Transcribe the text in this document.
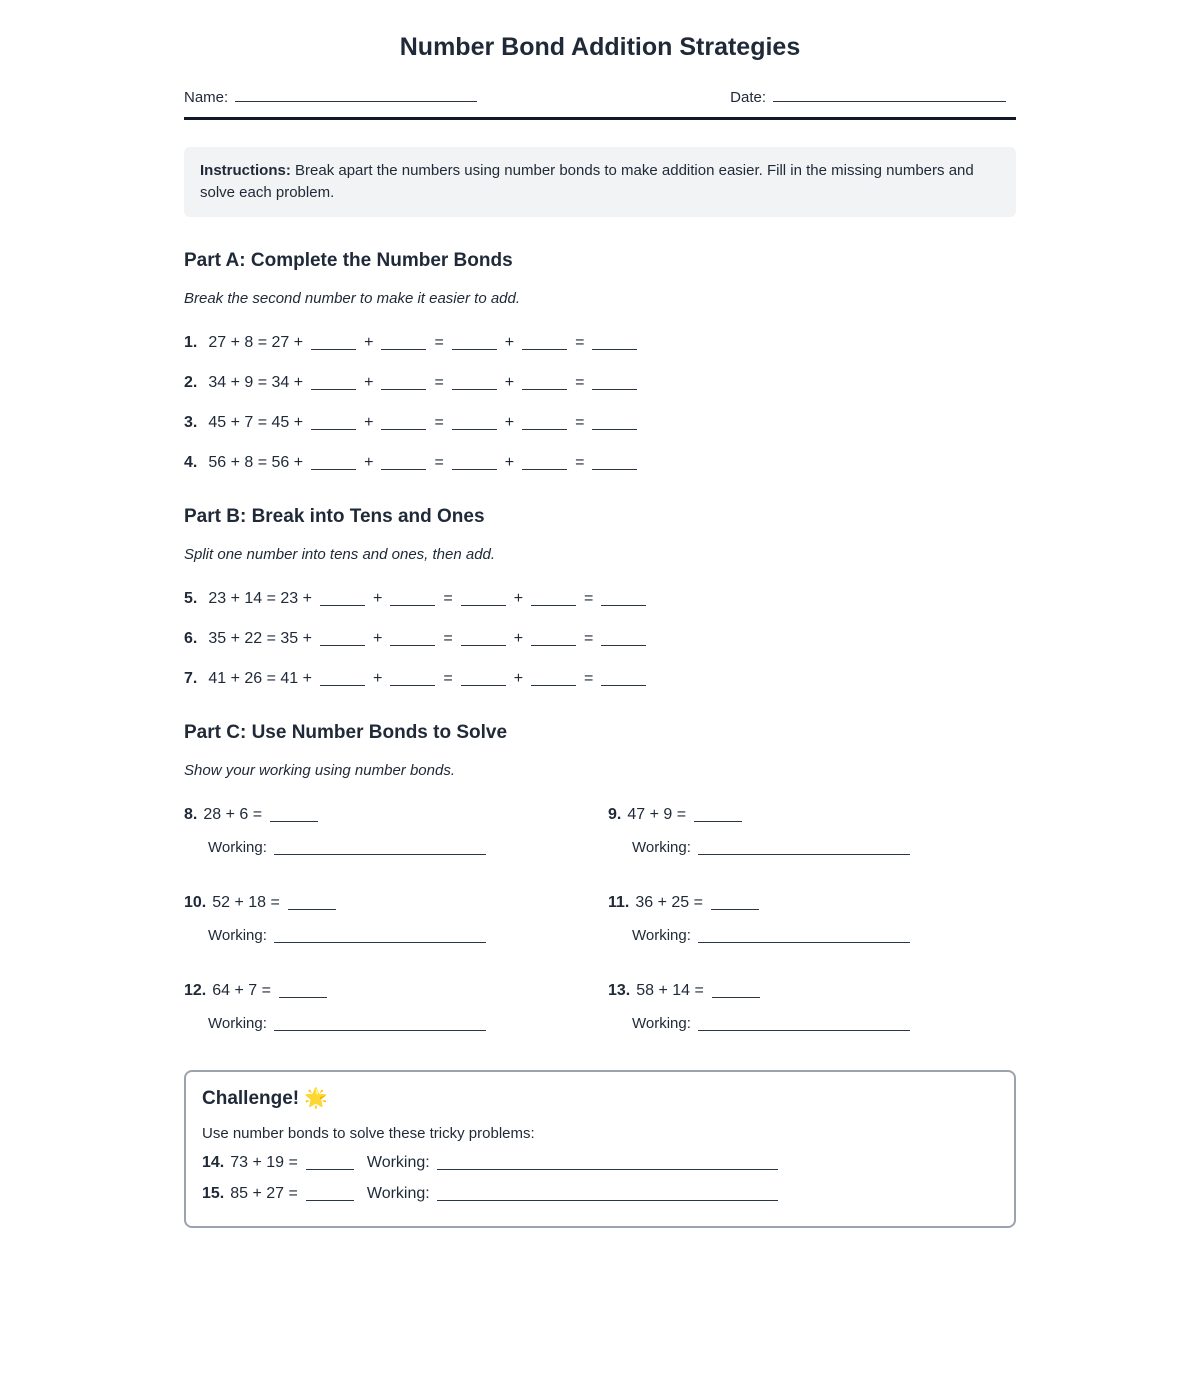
Number Bond Addition Strategies
Name:	Date:
Instructions: Break apart the numbers using number bonds to make addition easier. Fill in the missing numbers and solve each problem.
Part A: Complete the Number Bonds
Break the second number to make it easier to add.
1. 27 + 8 = 27 +	+	=	+	=
2. 34 + 9 = 34 +	+	=	+	=
3. 45 + 7 = 45 +	+	=	+	=
4. 56 + 8 = 56 +	+	=	+	=
Part B: Break into Tens and Ones
Split one number into tens and ones, then add.
5. 23 + 14 = 23 +	+	=	+	=
6. 35 + 22 = 35 +	+	=	+	=
7. 41 + 26 = 41 +	+	=	+	=
Part C: Use Number Bonds to Solve
Show your working using number bonds.
8. 28 + 6 =
Working:
9. 47 + 9 =
Working:
10. 52 + 18 =
Working:
11. 36 + 25 =
Working:
12. 64 + 7 =
Working:
13. 58 + 14 =
Working:
Challenge! 🌟
Use number bonds to solve these tricky problems:
14. 73 + 19 =	Working:
15. 85 + 27 =	Working:
